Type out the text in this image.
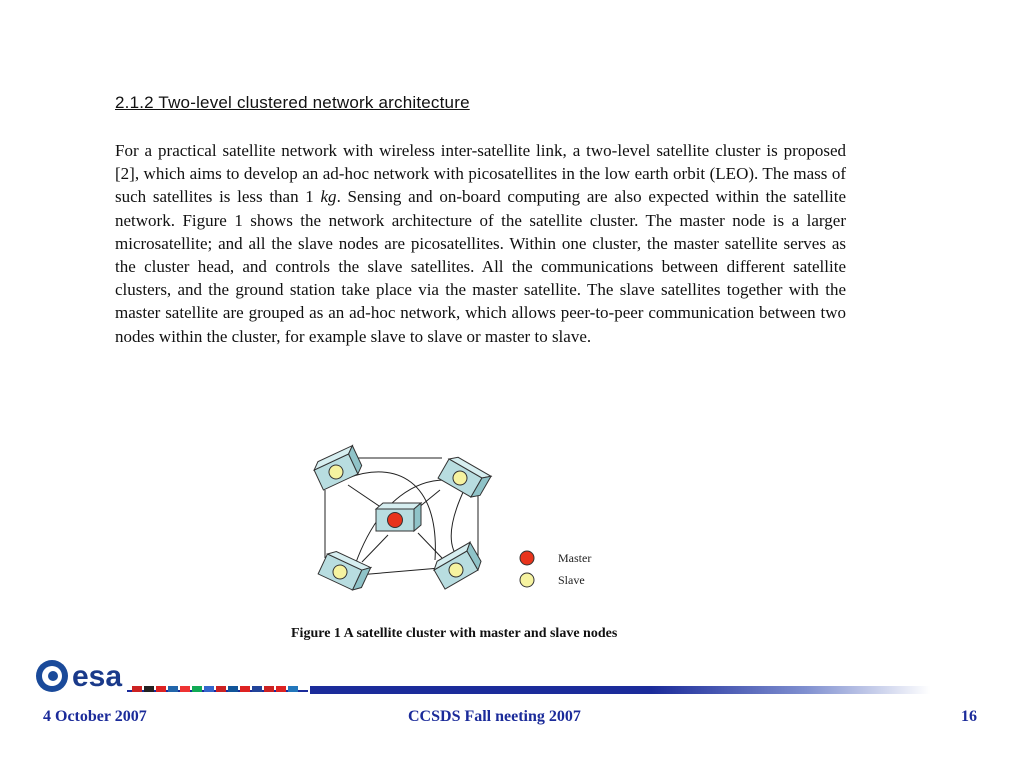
2.1.2 Two-level clustered network architecture

For a practical satellite network with wireless inter-satellite link, a two-level satellite cluster is proposed [2], which aims to develop an ad-hoc network with picosatellites in the low earth orbit (LEO). The mass of such satellites is less than 1 kg. Sensing and on-board computing are also expected within the satellite network. Figure 1 shows the network architecture of the satellite cluster. The master node is a larger microsatellite; and all the slave nodes are picosatellites. Within one cluster, the master satellite serves as the cluster head, and controls the slave satellites. All the communications between different satellite clusters, and the ground station take place via the master satellite. The slave satellites together with the master satellite are grouped as an ad-hoc network, which allows peer-to-peer communication between two nodes within the cluster, for example slave to slave or master to slave.

Master
Slave
Figure 1 A satellite cluster with master and slave nodes
esa
4 October 2007	CCSDS Fall neeting 2007	16
